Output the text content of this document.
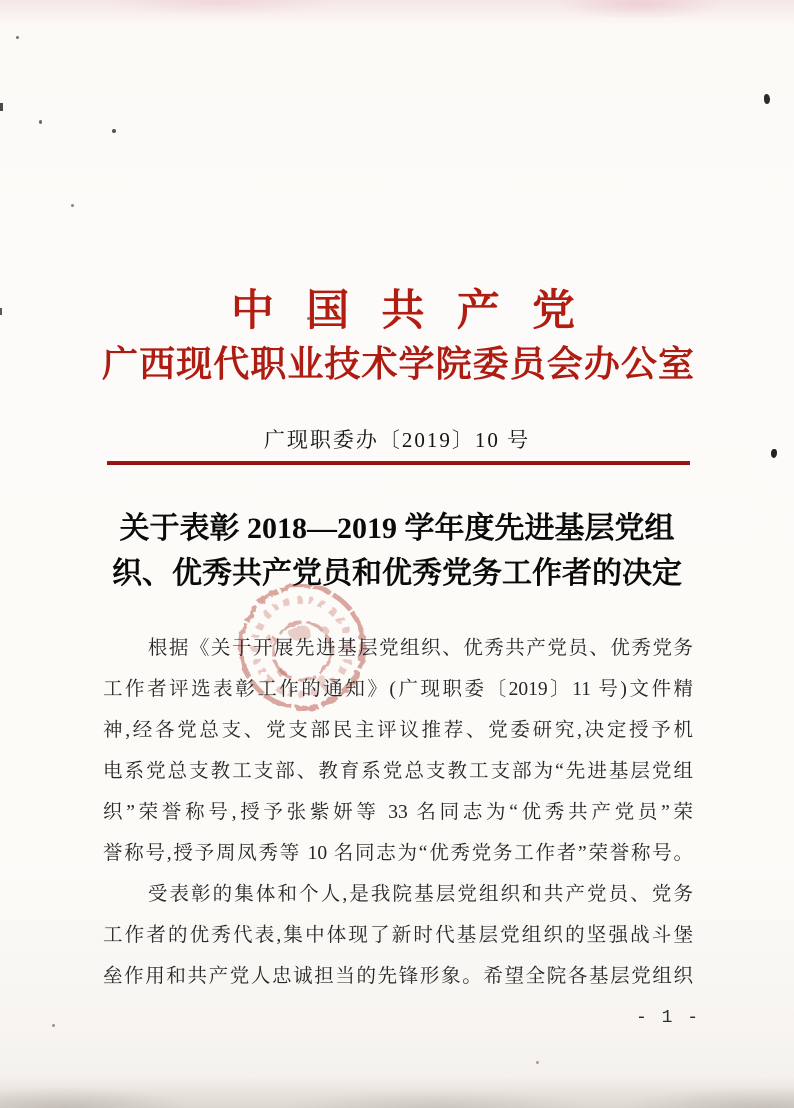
中国共产党
广西现代职业技术学院委员会办公室
广现职委办〔2019〕10 号
关于表彰 2018—2019 学年度先进基层党组
织、优秀共产党员和优秀党务工作者的决定
根据《关于开展先进基层党组织、优秀共产党员、优秀党务
工作者评选表彰工作的通知》(广现职委〔2019〕11 号)文件精
神,经各党总支、党支部民主评议推荐、党委研究,决定授予机
电系党总支教工支部、教育系党总支教工支部为“先进基层党组
织”荣誉称号,授予张紫妍等 33 名同志为“优秀共产党员”荣
誉称号,授予周凤秀等 10 名同志为“优秀党务工作者”荣誉称号。
受表彰的集体和个人,是我院基层党组织和共产党员、党务
工作者的优秀代表,集中体现了新时代基层党组织的坚强战斗堡
垒作用和共产党人忠诚担当的先锋形象。希望全院各基层党组织
- 1 -
